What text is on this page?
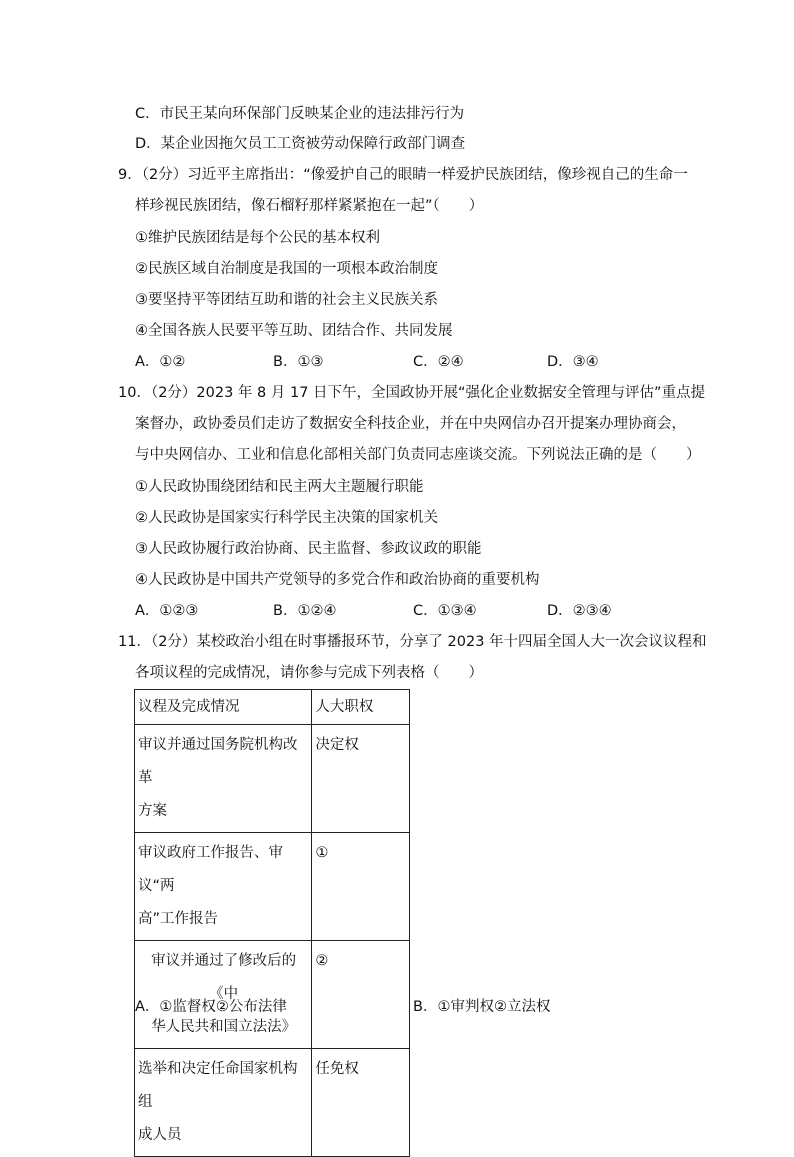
C．市民王某向环保部门反映某企业的违法排污行为
D．某企业因拖欠员工工资被劳动保障行政部门调查
9．（2分）习近平主席指出：“像爱护自己的眼睛一样爱护民族团结，像珍视自己的生命一
样珍视民族团结，像石榴籽那样紧紧抱在一起”（　　）
①维护民族团结是每个公民的基本权利
②民族区域自治制度是我国的一项根本政治制度
③要坚持平等团结互助和谐的社会主义民族关系
④全国各族人民要平等互助、团结合作、共同发展
A．①②	B．①③	C．②④	D．③④
10．（2分）2023 年 8 月 17 日下午，全国政协开展“强化企业数据安全管理与评估”重点提
案督办，政协委员们走访了数据安全科技企业，并在中央网信办召开提案办理协商会，
与中央网信办、工业和信息化部相关部门负责同志座谈交流。下列说法正确的是（　　）
①人民政协围绕团结和民主两大主题履行职能
②人民政协是国家实行科学民主决策的国家机关
③人民政协履行政治协商、民主监督、参政议政的职能
④人民政协是中国共产党领导的多党合作和政治协商的重要机构
A．①②③	B．①②④	C．①③④	D．②③④
11．（2分）某校政治小组在时事播报环节，分享了 2023 年十四届全国人大一次会议议程和
各项议程的完成情况，请你参与完成下列表格（　　）
议程及完成情况	人大职权
审议并通过国务院机构改革
方案	决定权
审议政府工作报告、审议“两
高”工作报告	①
审议并通过了修改后的《中
华人民共和国立法法》	②
选举和决定任命国家机构组
成人员	任免权
A．①监督权②公布法律	B．①审判权②立法权
